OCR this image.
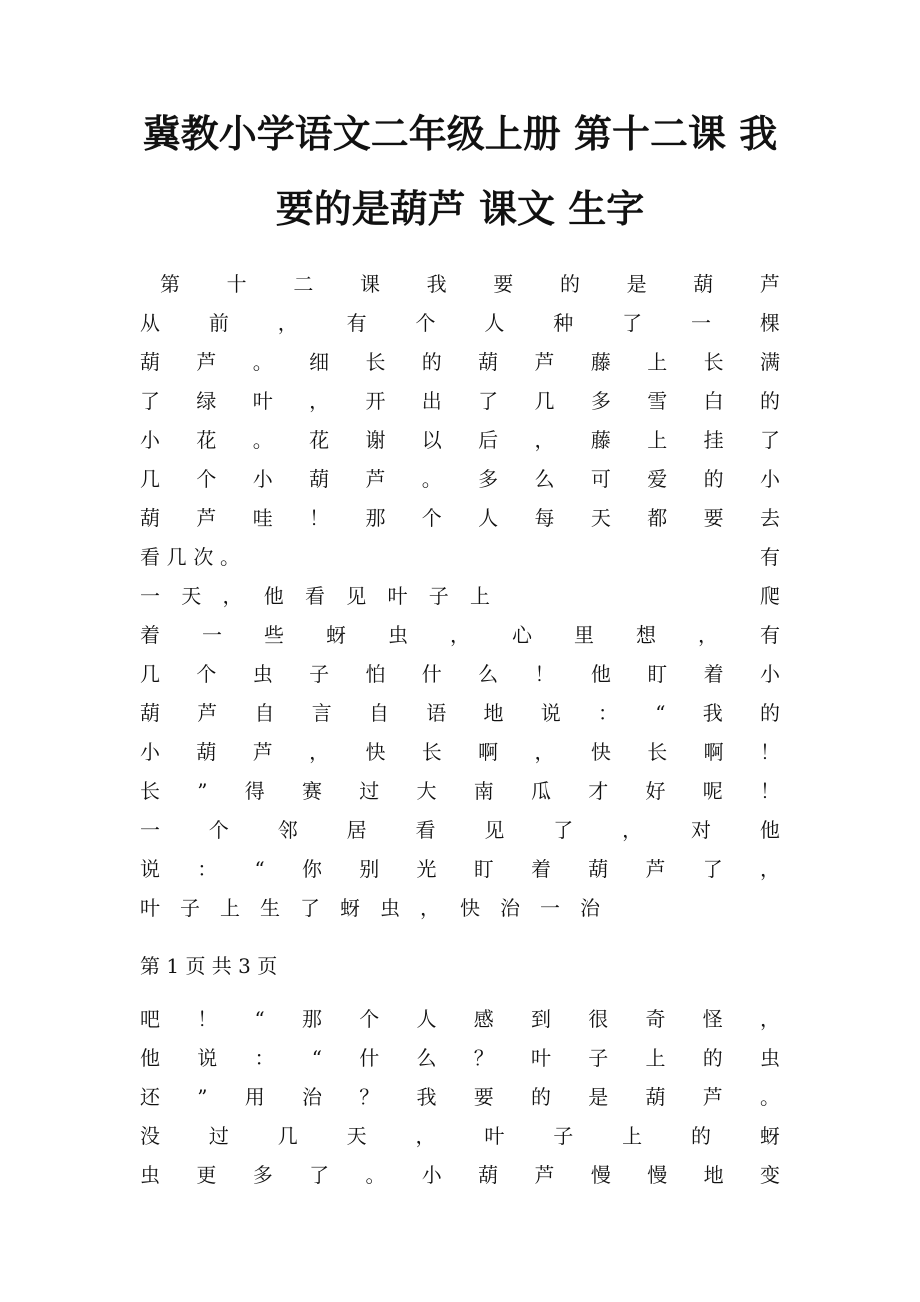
冀教小学语文二年级上册 第十二课 我
要的是葫芦 课文 生字
第 十 二 课 我 要 的 是 葫 芦
从 前 ， 有 个 人 种 了 一 棵
葫 芦 。 细 长 的 葫 芦 藤 上 长 满
了 绿 叶 ， 开 出 了 几 多 雪 白 的
小 花 。 花 谢 以 后 ， 藤 上 挂 了
几 个 小 葫 芦 。 多 么 可 爱 的 小
葫 芦 哇 ！ 那 个 人 每 天 都 要 去
看 几 次 。	有
一 天 ， 他 看 见 叶 子 上	爬
着 一 些 蚜 虫 ， 心 里 想 ， 有
几 个 虫 子 怕 什 么 ！ 他 盯 着 小
葫 芦 自 言 自 语 地 说 ： “ 我 的
小 葫 芦 ， 快 长 啊 ， 快 长 啊 ！
长 ” 得 赛 过 大 南 瓜 才 好 呢 ！
一 个 邻 居 看 见 了 ， 对 他
说 ： “ 你 别 光 盯 着 葫 芦 了 ，
叶 子 上 生 了 蚜 虫 ， 快 治 一 治
第 1 页 共 3 页
吧 ！ “ 那 个 人 感 到 很 奇 怪 ，
他 说 ： “ 什 么 ？ 叶 子 上 的 虫
还 ” 用 治 ？ 我 要 的 是 葫 芦 。
没 过 几 天 ， 叶 子 上 的 蚜
虫 更 多 了 。 小 葫 芦 慢 慢 地 变
